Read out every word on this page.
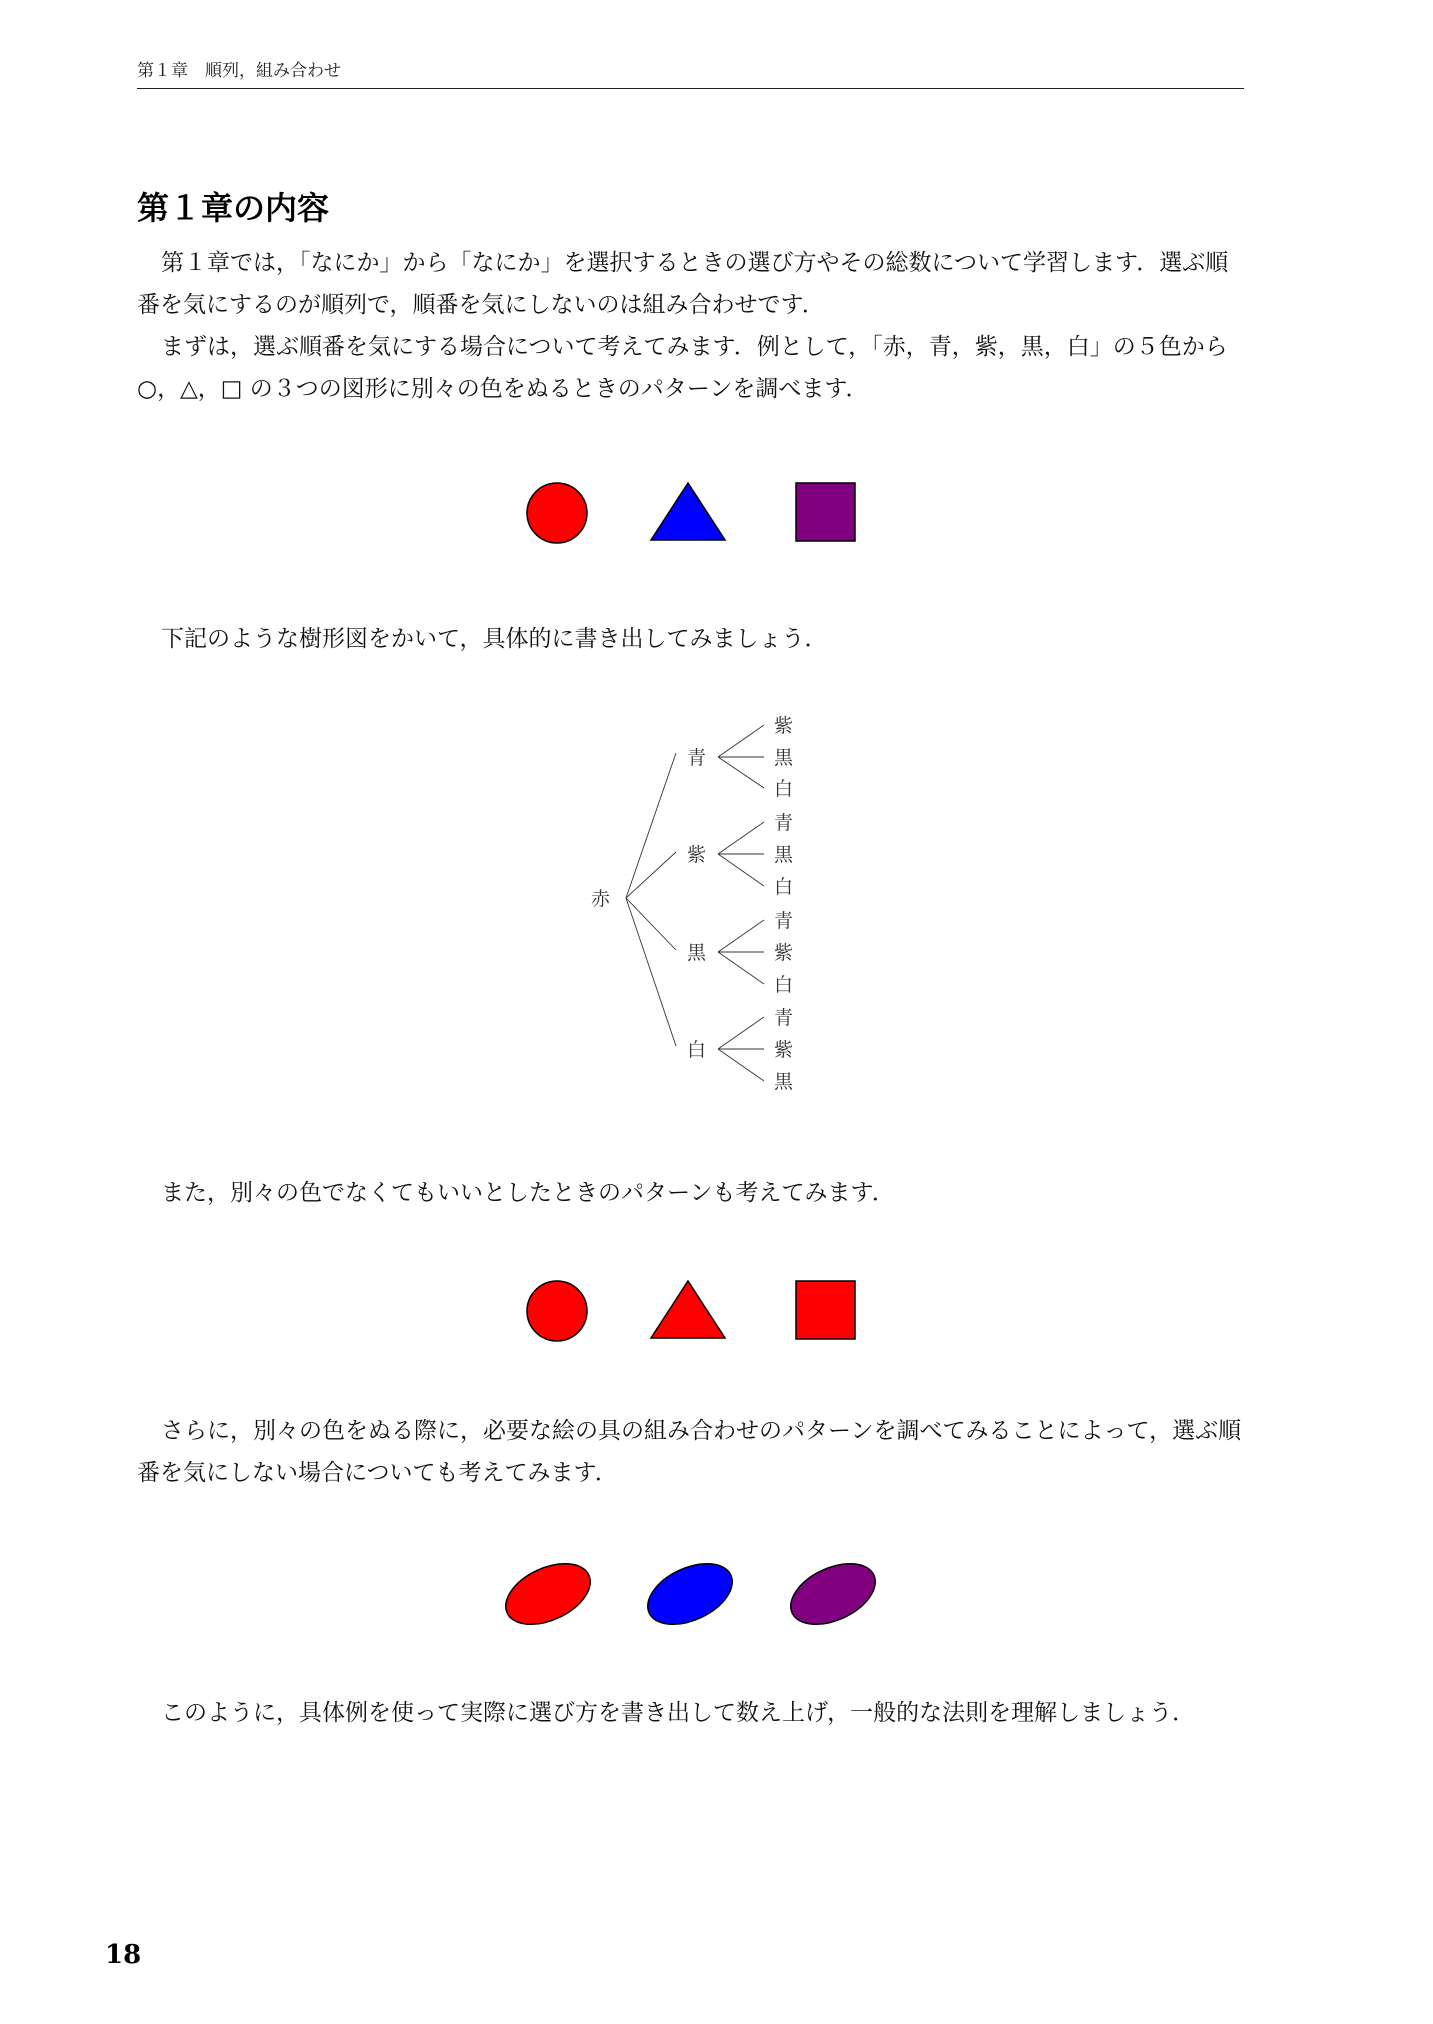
第１章　順列，組み合わせ
第１章の内容

第１章では，「なにか」から「なにか」を選択するときの選び方やその総数について学習します．選ぶ順番を気にするのが順列で，順番を気にしないのは組み合わせです．

まずは，選ぶ順番を気にする場合について考えてみます．例として，「赤，青，紫，黒，白」の５色から ○，△，□ の３つの図形に別々の色をぬるときのパターンを調べます．

下記のような樹形図をかいて，具体的に書き出してみましょう．

赤
青
紫
黒
白
紫
黒
白
青
黒
白
青
紫
白
青
紫
黒

また，別々の色でなくてもいいとしたときのパターンも考えてみます．

さらに，別々の色をぬる際に，必要な絵の具の組み合わせのパターンを調べてみることによって，選ぶ順番を気にしない場合についても考えてみます．

このように，具体例を使って実際に選び方を書き出して数え上げ，一般的な法則を理解しましょう．

18
